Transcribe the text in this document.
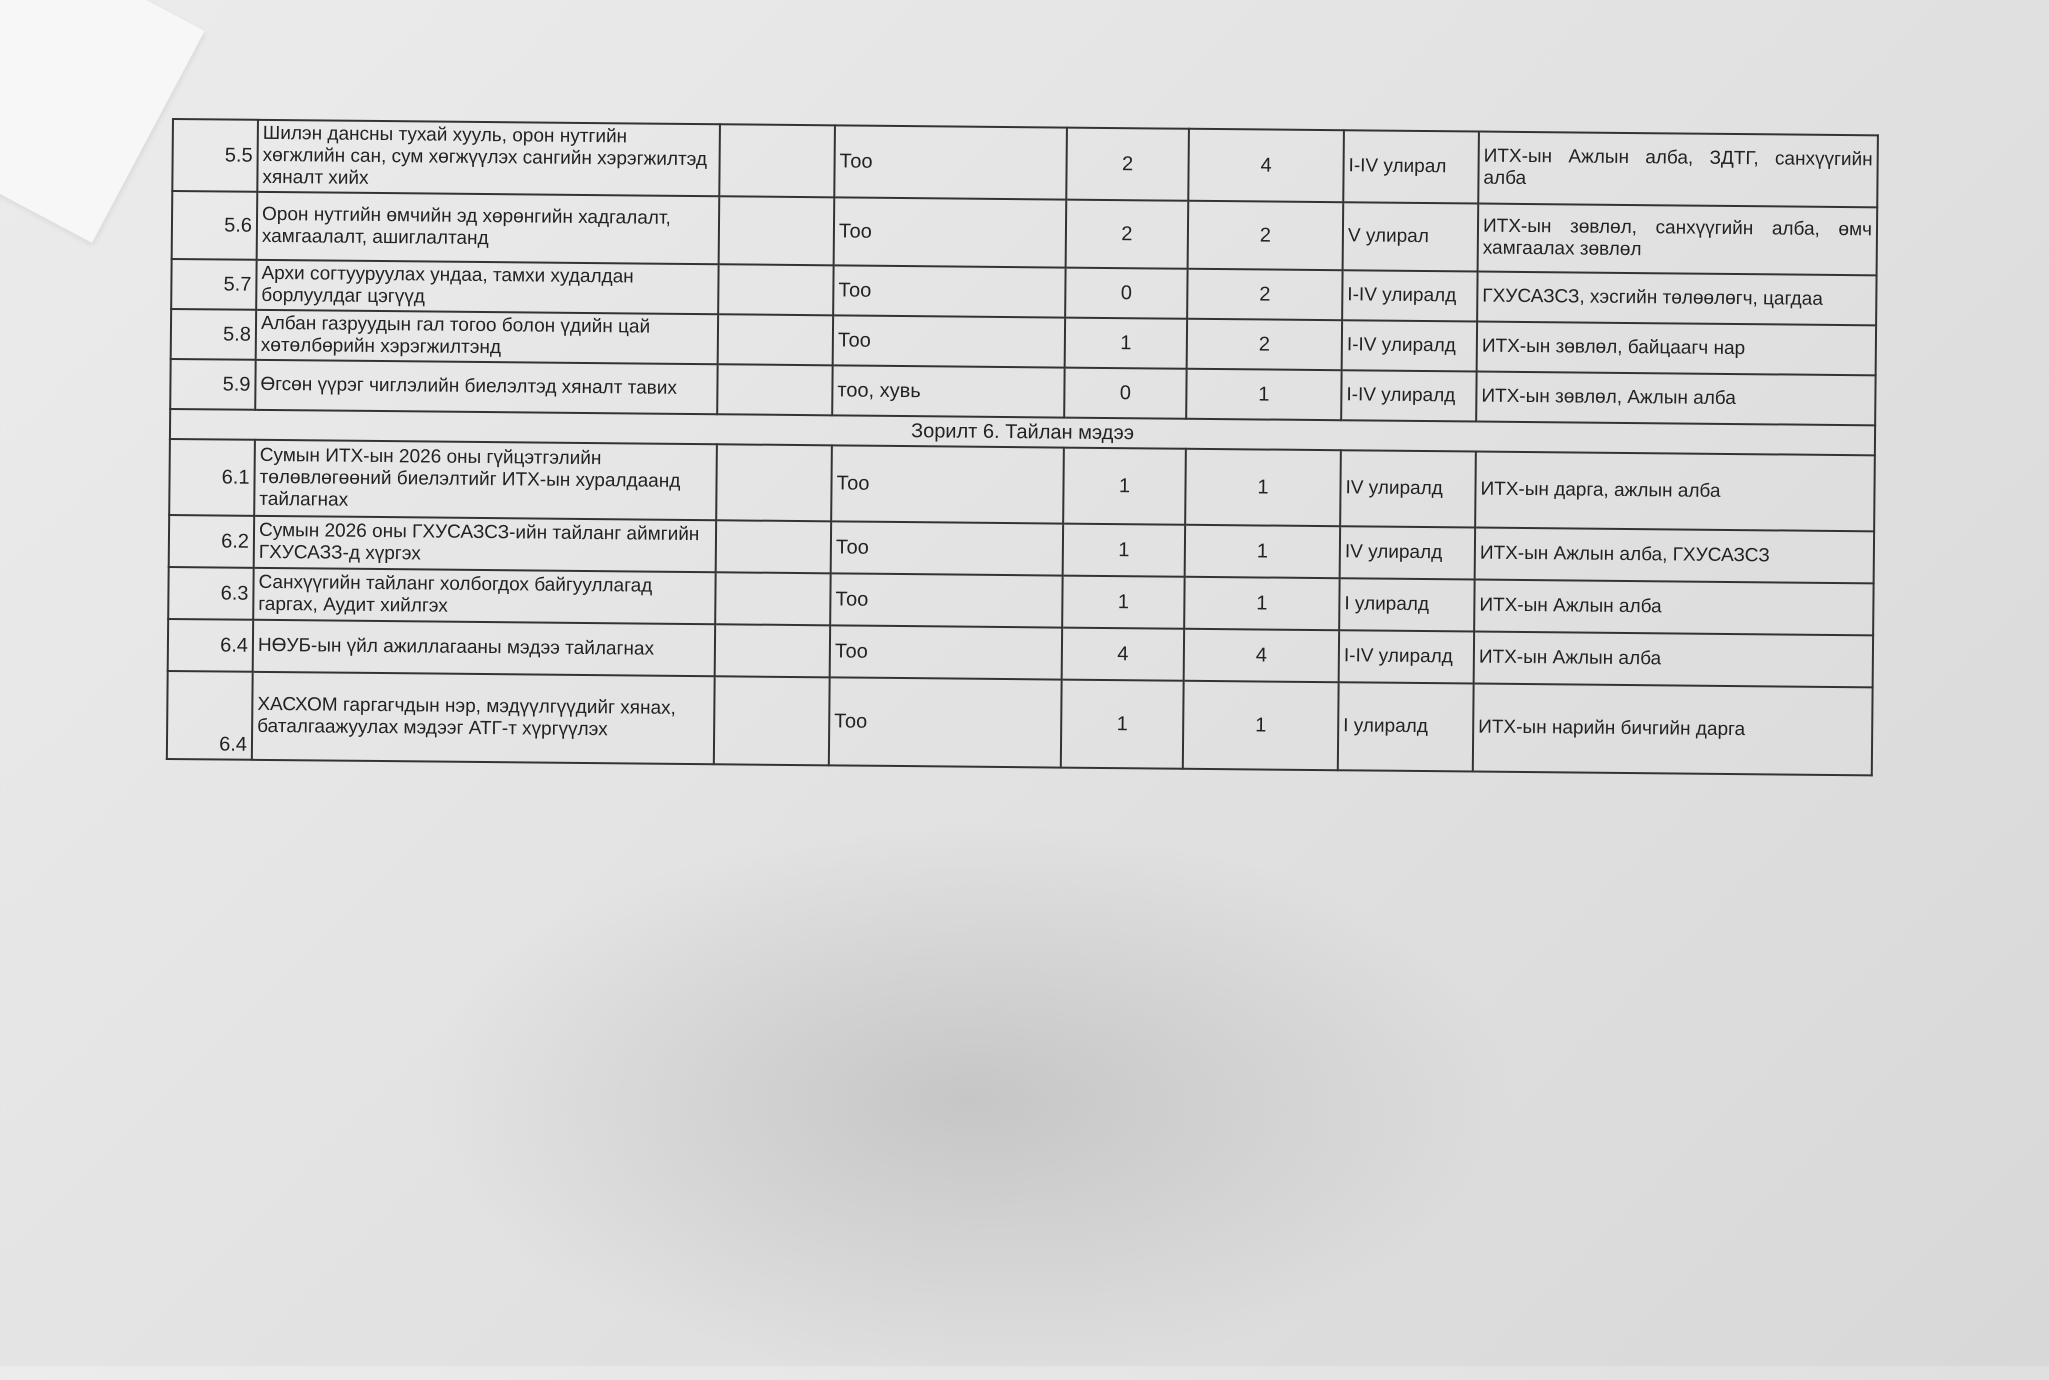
5.5	Шилэн дансны тухай хууль, орон нутгийн хөгжлийн сан, сум хөгжүүлэх сангийн хэрэгжилтэд хяналт хийх		Тоо	2	4	I-IV улирал	ИТХ-ын Ажлын алба, ЗДТГ, санхүүгийн алба
5.6	Орон нутгийн өмчийн эд хөрөнгийн хадгалалт, хамгаалалт, ашиглалтанд		Тоо	2	2	V улирал	ИТХ-ын зөвлөл, санхүүгийн алба, өмч хамгаалах зөвлөл
5.7	Архи согтууруулах ундаа, тамхи худалдан борлуулдаг цэгүүд		Тоо	0	2	I-IV улиралд	ГХУСАЗСЗ, хэсгийн төлөөлөгч, цагдаа
5.8	Албан газруудын гал тогоо болон үдийн цай хөтөлбөрийн хэрэгжилтэнд		Тоо	1	2	I-IV улиралд	ИТХ-ын зөвлөл, байцаагч нар
5.9	Өгсөн үүрэг чиглэлийн биелэлтэд хяналт тавих		тоо, хувь	0	1	I-IV улиралд	ИТХ-ын зөвлөл, Ажлын алба
Зорилт 6. Тайлан мэдээ							
6.1	Сумын ИТХ-ын 2026 оны гүйцэтгэлийн төлөвлөгөөний биелэлтийг ИТХ-ын хуралдаанд тайлагнах		Тоо	1	1	IV улиралд	ИТХ-ын дарга, ажлын алба
6.2	Сумын 2026 оны ГХУСАЗСЗ-ийн тайланг аймгийн ГХУСАЗЗ-д хүргэх		Тоо	1	1	IV улиралд	ИТХ-ын Ажлын алба, ГХУСАЗСЗ
6.3	Санхүүгийн тайланг холбогдох байгууллагад гаргах, Аудит хийлгэх		Тоо	1	1	I улиралд	ИТХ-ын Ажлын алба
6.4	НӨУБ-ын үйл ажиллагааны мэдээ тайлагнах		Тоо	4	4	I-IV улиралд	ИТХ-ын Ажлын алба
6.4	ХАСХОМ гаргагчдын нэр, мэдүүлгүүдийг хянах, баталгаажуулах мэдээг АТГ-т хүргүүлэх		Тоо	1	1	I улиралд	ИТХ-ын нарийн бичгийн дарга
